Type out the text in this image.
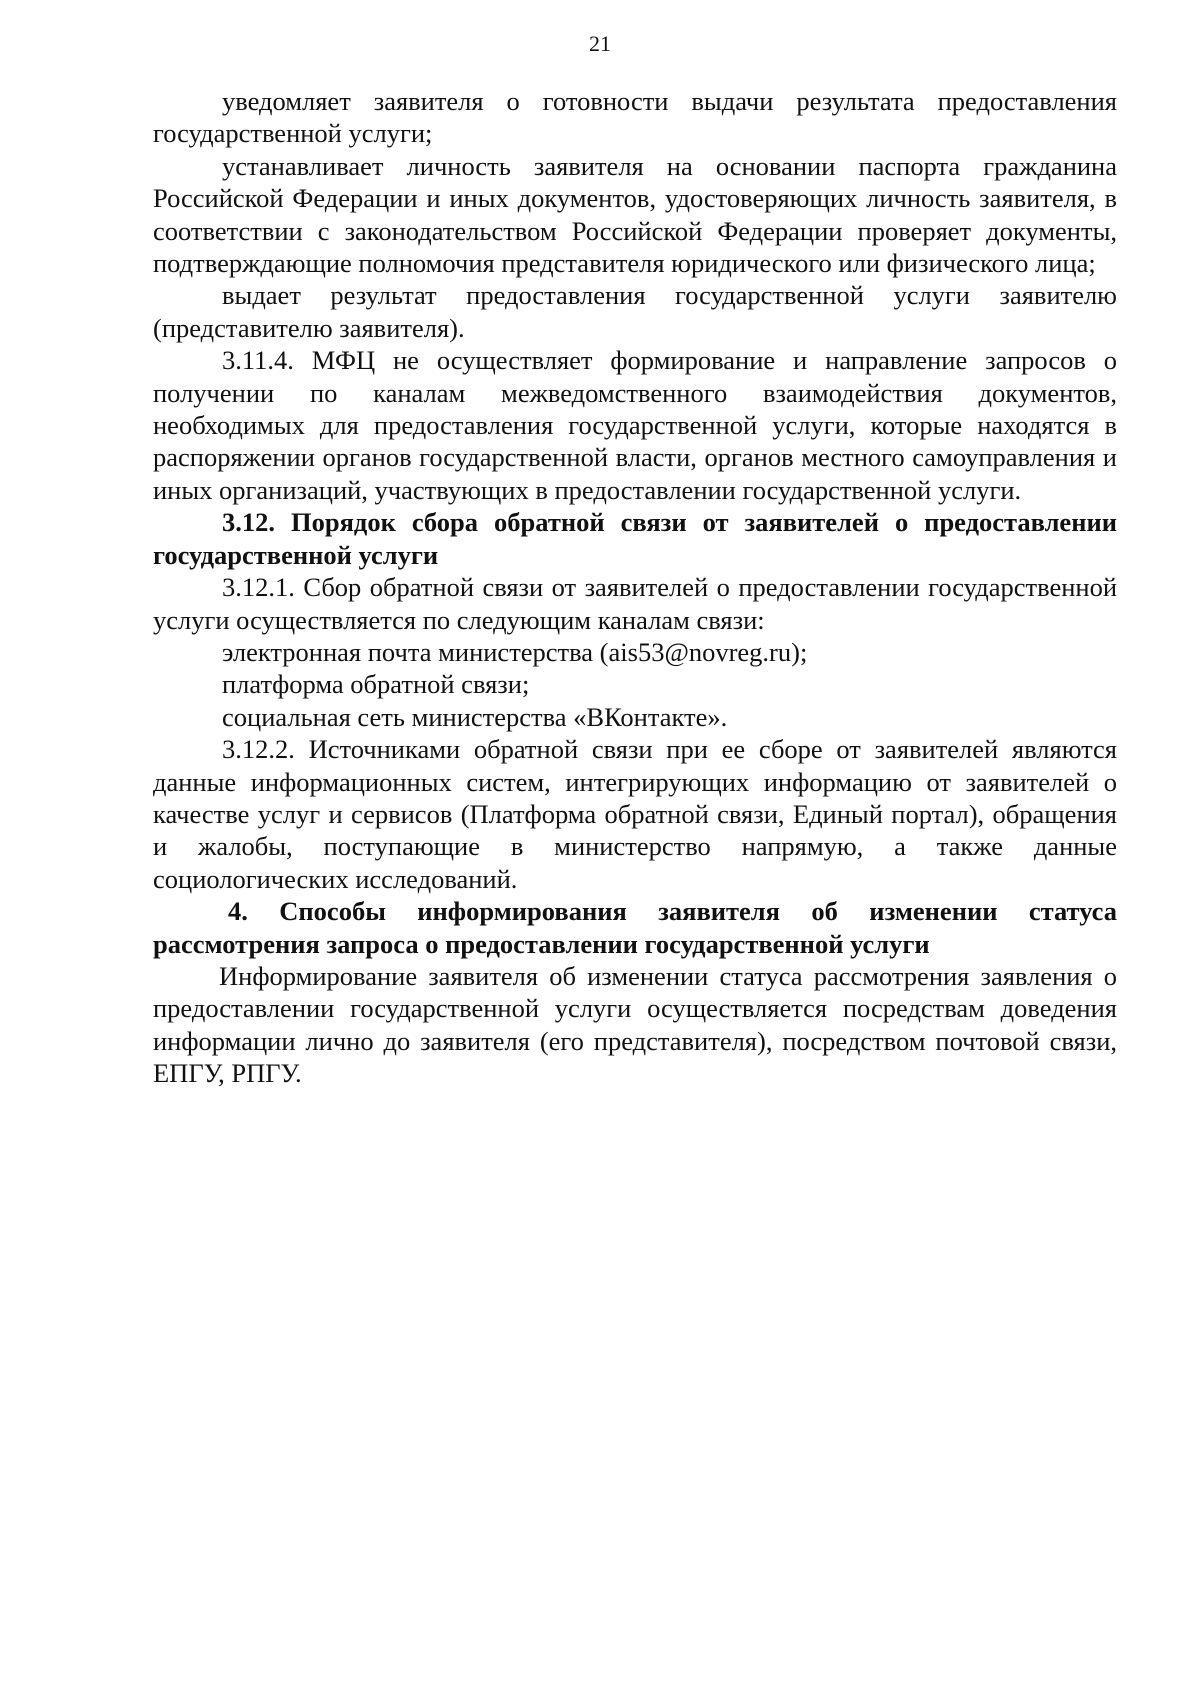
21

уведомляет заявителя о готовности выдачи результата предоставления государственной услуги;

устанавливает личность заявителя на основании паспорта гражданина Российской Федерации и иных документов, удостоверяющих личность заявителя, в соответствии с законодательством Российской Федерации проверяет документы, подтверждающие полномочия представителя юридического или физического лица;

выдает результат предоставления государственной услуги заявителю (представителю заявителя).

3.11.4. МФЦ не осуществляет формирование и направление запросов о получении по каналам межведомственного взаимодействия документов, необходимых для предоставления государственной услуги, которые находятся в распоряжении органов государственной власти, органов местного самоуправления и иных организаций, участвующих в предоставлении государственной услуги.

3.12. Порядок сбора обратной связи от заявителей о предоставлении государственной услуги

3.12.1. Сбор обратной связи от заявителей о предоставлении государственной услуги осуществляется по следующим каналам связи:

электронная почта министерства (ais53@novreg.ru);

платформа обратной связи;

социальная сеть министерства «ВКонтакте».

3.12.2. Источниками обратной связи при ее сборе от заявителей являются данные информационных систем, интегрирующих информацию от заявителей о качестве услуг и сервисов (Платформа обратной связи, Единый портал), обращения и жалобы, поступающие в министерство напрямую, а также данные социологических исследований.

4. Способы информирования заявителя об изменении статуса рассмотрения запроса о предоставлении государственной услуги

Информирование заявителя об изменении статуса рассмотрения заявления о предоставлении государственной услуги осуществляется посредствам доведения информации лично до заявителя (его представителя), посредством почтовой связи, ЕПГУ, РПГУ.
